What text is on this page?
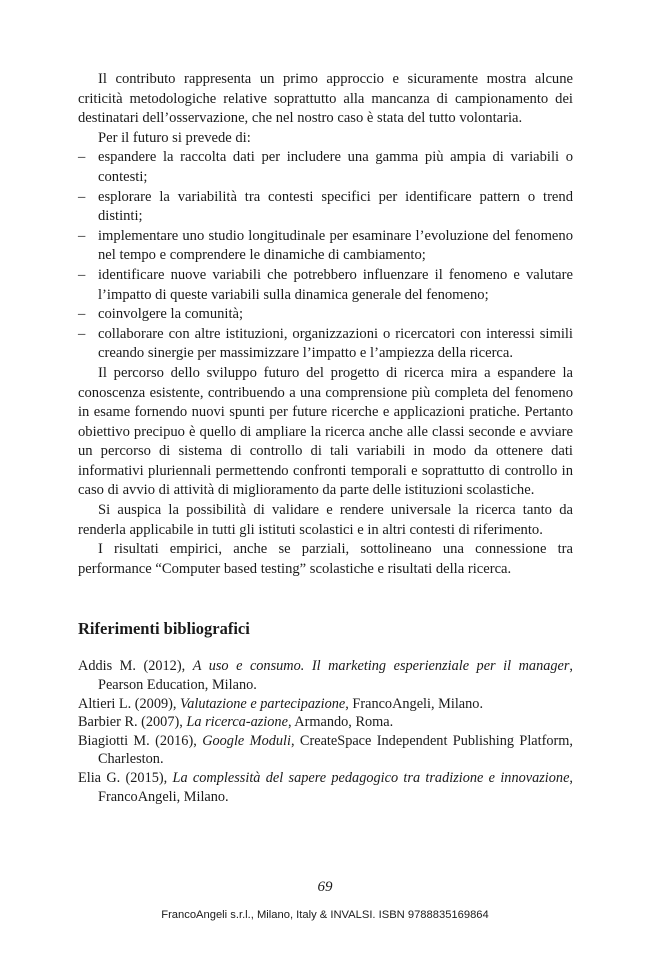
Il contributo rappresenta un primo approccio e sicuramente mostra alcune criticità metodologiche relative soprattutto alla mancanza di campionamento dei destinatari dell’osservazione, che nel nostro caso è stata del tutto volontaria.

Per il futuro si prevede di:

– espandere la raccolta dati per includere una gamma più ampia di variabili o contesti;
– esplorare la variabilità tra contesti specifici per identificare pattern o trend distinti;
– implementare uno studio longitudinale per esaminare l’evoluzione del fenomeno nel tempo e comprendere le dinamiche di cambiamento;
– identificare nuove variabili che potrebbero influenzare il fenomeno e valutare l’impatto di queste variabili sulla dinamica generale del fenomeno;
– coinvolgere la comunità;
– collaborare con altre istituzioni, organizzazioni o ricercatori con interessi simili creando sinergie per massimizzare l’impatto e l’ampiezza della ricerca.

Il percorso dello sviluppo futuro del progetto di ricerca mira a espandere la conoscenza esistente, contribuendo a una comprensione più completa del fenomeno in esame fornendo nuovi spunti per future ricerche e applicazioni pratiche. Pertanto obiettivo precipuo è quello di ampliare la ricerca anche alle classi seconde e avviare un percorso di sistema di controllo di tali variabili in modo da ottenere dati informativi pluriennali permettendo confronti temporali e soprattutto di controllo in caso di avvio di attività di miglioramento da parte delle istituzioni scolastiche.

Si auspica la possibilità di validare e rendere universale la ricerca tanto da renderla applicabile in tutti gli istituti scolastici e in altri contesti di riferimento.

I risultati empirici, anche se parziali, sottolineano una connessione tra performance “Computer based testing” scolastiche e risultati della ricerca.

Riferimenti bibliografici
Addis M. (2012), A uso e consumo. Il marketing esperienziale per il manager, Pearson Education, Milano.
Altieri L. (2009), Valutazione e partecipazione, FrancoAngeli, Milano.
Barbier R. (2007), La ricerca-azione, Armando, Roma.
Biagiotti M. (2016), Google Moduli, CreateSpace Independent Publishing Platform, Charleston.
Elia G. (2015), La complessità del sapere pedagogico tra tradizione e innovazione, FrancoAngeli, Milano.
69
FrancoAngeli s.r.l., Milano, Italy & INVALSI. ISBN 9788835169864
